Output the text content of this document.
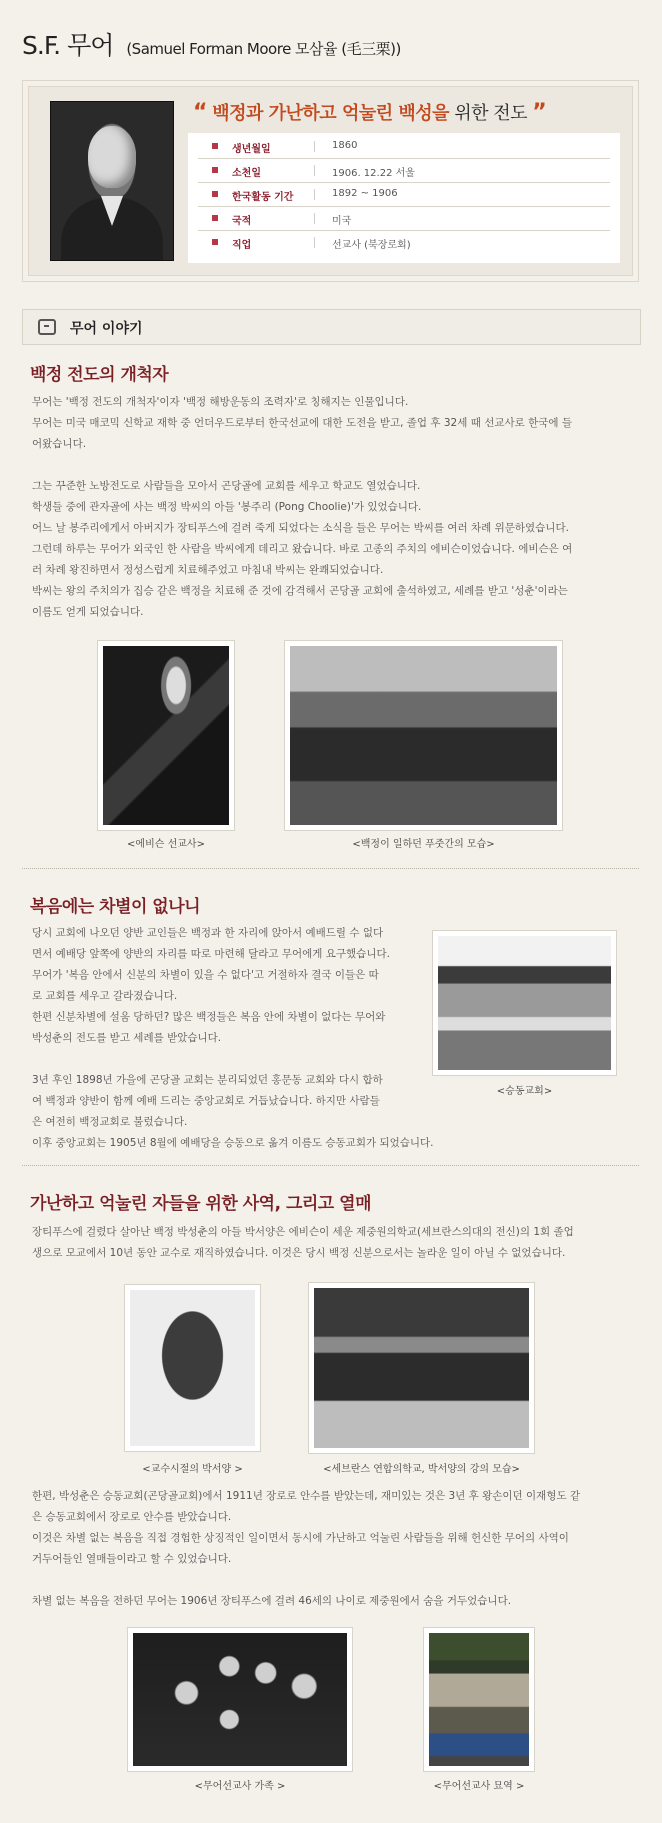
S.F. 무어 (Samuel Forman Moore 모삼율 (毛三栗))
“ 백정과 가난하고 억눌린 백성을 위한 전도 ”
생년월일	1860
소천일	1906. 12.22 서울
한국활동 기간	1892 ~ 1906
국적	미국
직업	선교사 (북장로회)
무어 이야기
백정 전도의 개척자

무어는 '백정 전도의 개척자'이자 '백정 해방운동의 조력자'로 칭해지는 인물입니다.

무어는 미국 매코믹 신학교 재학 중 언더우드로부터 한국선교에 대한 도전을 받고, 졸업 후 32세 때 선교사로 한국에 들

어왔습니다.

그는 꾸준한 노방전도로 사람들을 모아서 곤당골에 교회를 세우고 학교도 열었습니다.

학생들 중에 관자골에 사는 백정 박씨의 아들 '봉주리 (Pong Choolie)'가 있었습니다.

어느 날 봉주리에게서 아버지가 장티푸스에 걸려 죽게 되었다는 소식을 들은 무어는 박씨를 여러 차례 위문하였습니다.

그런데 하루는 무어가 외국인 한 사람을 박씨에게 데리고 왔습니다. 바로 고종의 주치의 에비슨이었습니다. 에비슨은 여

러 차례 왕진하면서 정성스럽게 치료해주었고 마침내 박씨는 완쾌되었습니다.

박씨는 왕의 주치의가 집승 같은 백정을 치료해 준 것에 감격해서 곤당골 교회에 출석하였고, 세례를 받고 '성춘'이라는

이름도 얻게 되었습니다.

<에비슨 선교사>	<백정이 일하던 푸줏간의 모습>
복음에는 차별이 없나니

당시 교회에 나오던 양반 교인들은 백정과 한 자리에 앉아서 예배드릴 수 없다

면서 예배당 앞쪽에 양반의 자리를 따로 마련해 달라고 무어에게 요구했습니다.

무어가 '복음 안에서 신분의 차별이 있을 수 없다'고 거절하자 결국 이들은 따

로 교회를 세우고 갈라졌습니다.

한편 신분차별에 설움 당하던? 많은 백정들은 복음 안에 차별이 없다는 무어와

박성춘의 전도를 받고 세례를 받았습니다.

3년 후인 1898년 가을에 곤당골 교회는 분리되었던 홍문동 교회와 다시 합하

여 백정과 양반이 함께 예배 드리는 중앙교회로 거듭났습니다. 하지만 사람들

은 여전히 백정교회로 불렀습니다.

이후 중앙교회는 1905년 8월에 예배당을 승동으로 옮겨 이름도 승동교회가 되었습니다.

<승동교회>
가난하고 억눌린 자들을 위한 사역, 그리고 열매

장티푸스에 걸렸다 살아난 백정 박성춘의 아들 박서양은 에비슨이 세운 제중원의학교(세브란스의대의 전신)의 1회 졸업

생으로 모교에서 10년 동안 교수로 재직하였습니다. 이것은 당시 백정 신분으로서는 놀라운 일이 아닐 수 없었습니다.

<교수시절의 박서양 >	<세브란스 연합의학교, 박서양의 강의 모습>

한편, 박성춘은 승동교회(곤당골교회)에서 1911년 장로로 안수를 받았는데, 재미있는 것은 3년 후 왕손이던 이재형도 같

은 승동교회에서 장로로 안수를 받았습니다.

이것은 차별 없는 복음을 직접 경험한 상징적인 일이면서 동시에 가난하고 억눌린 사람들을 위해 헌신한 무어의 사역이

거두어들인 열매들이라고 할 수 있었습니다.

차별 없는 복음을 전하던 무어는 1906년 장티푸스에 걸려 46세의 나이로 제중원에서 숨을 거두었습니다.

<무어선교사 가족 >	<무어선교사 묘역 >
